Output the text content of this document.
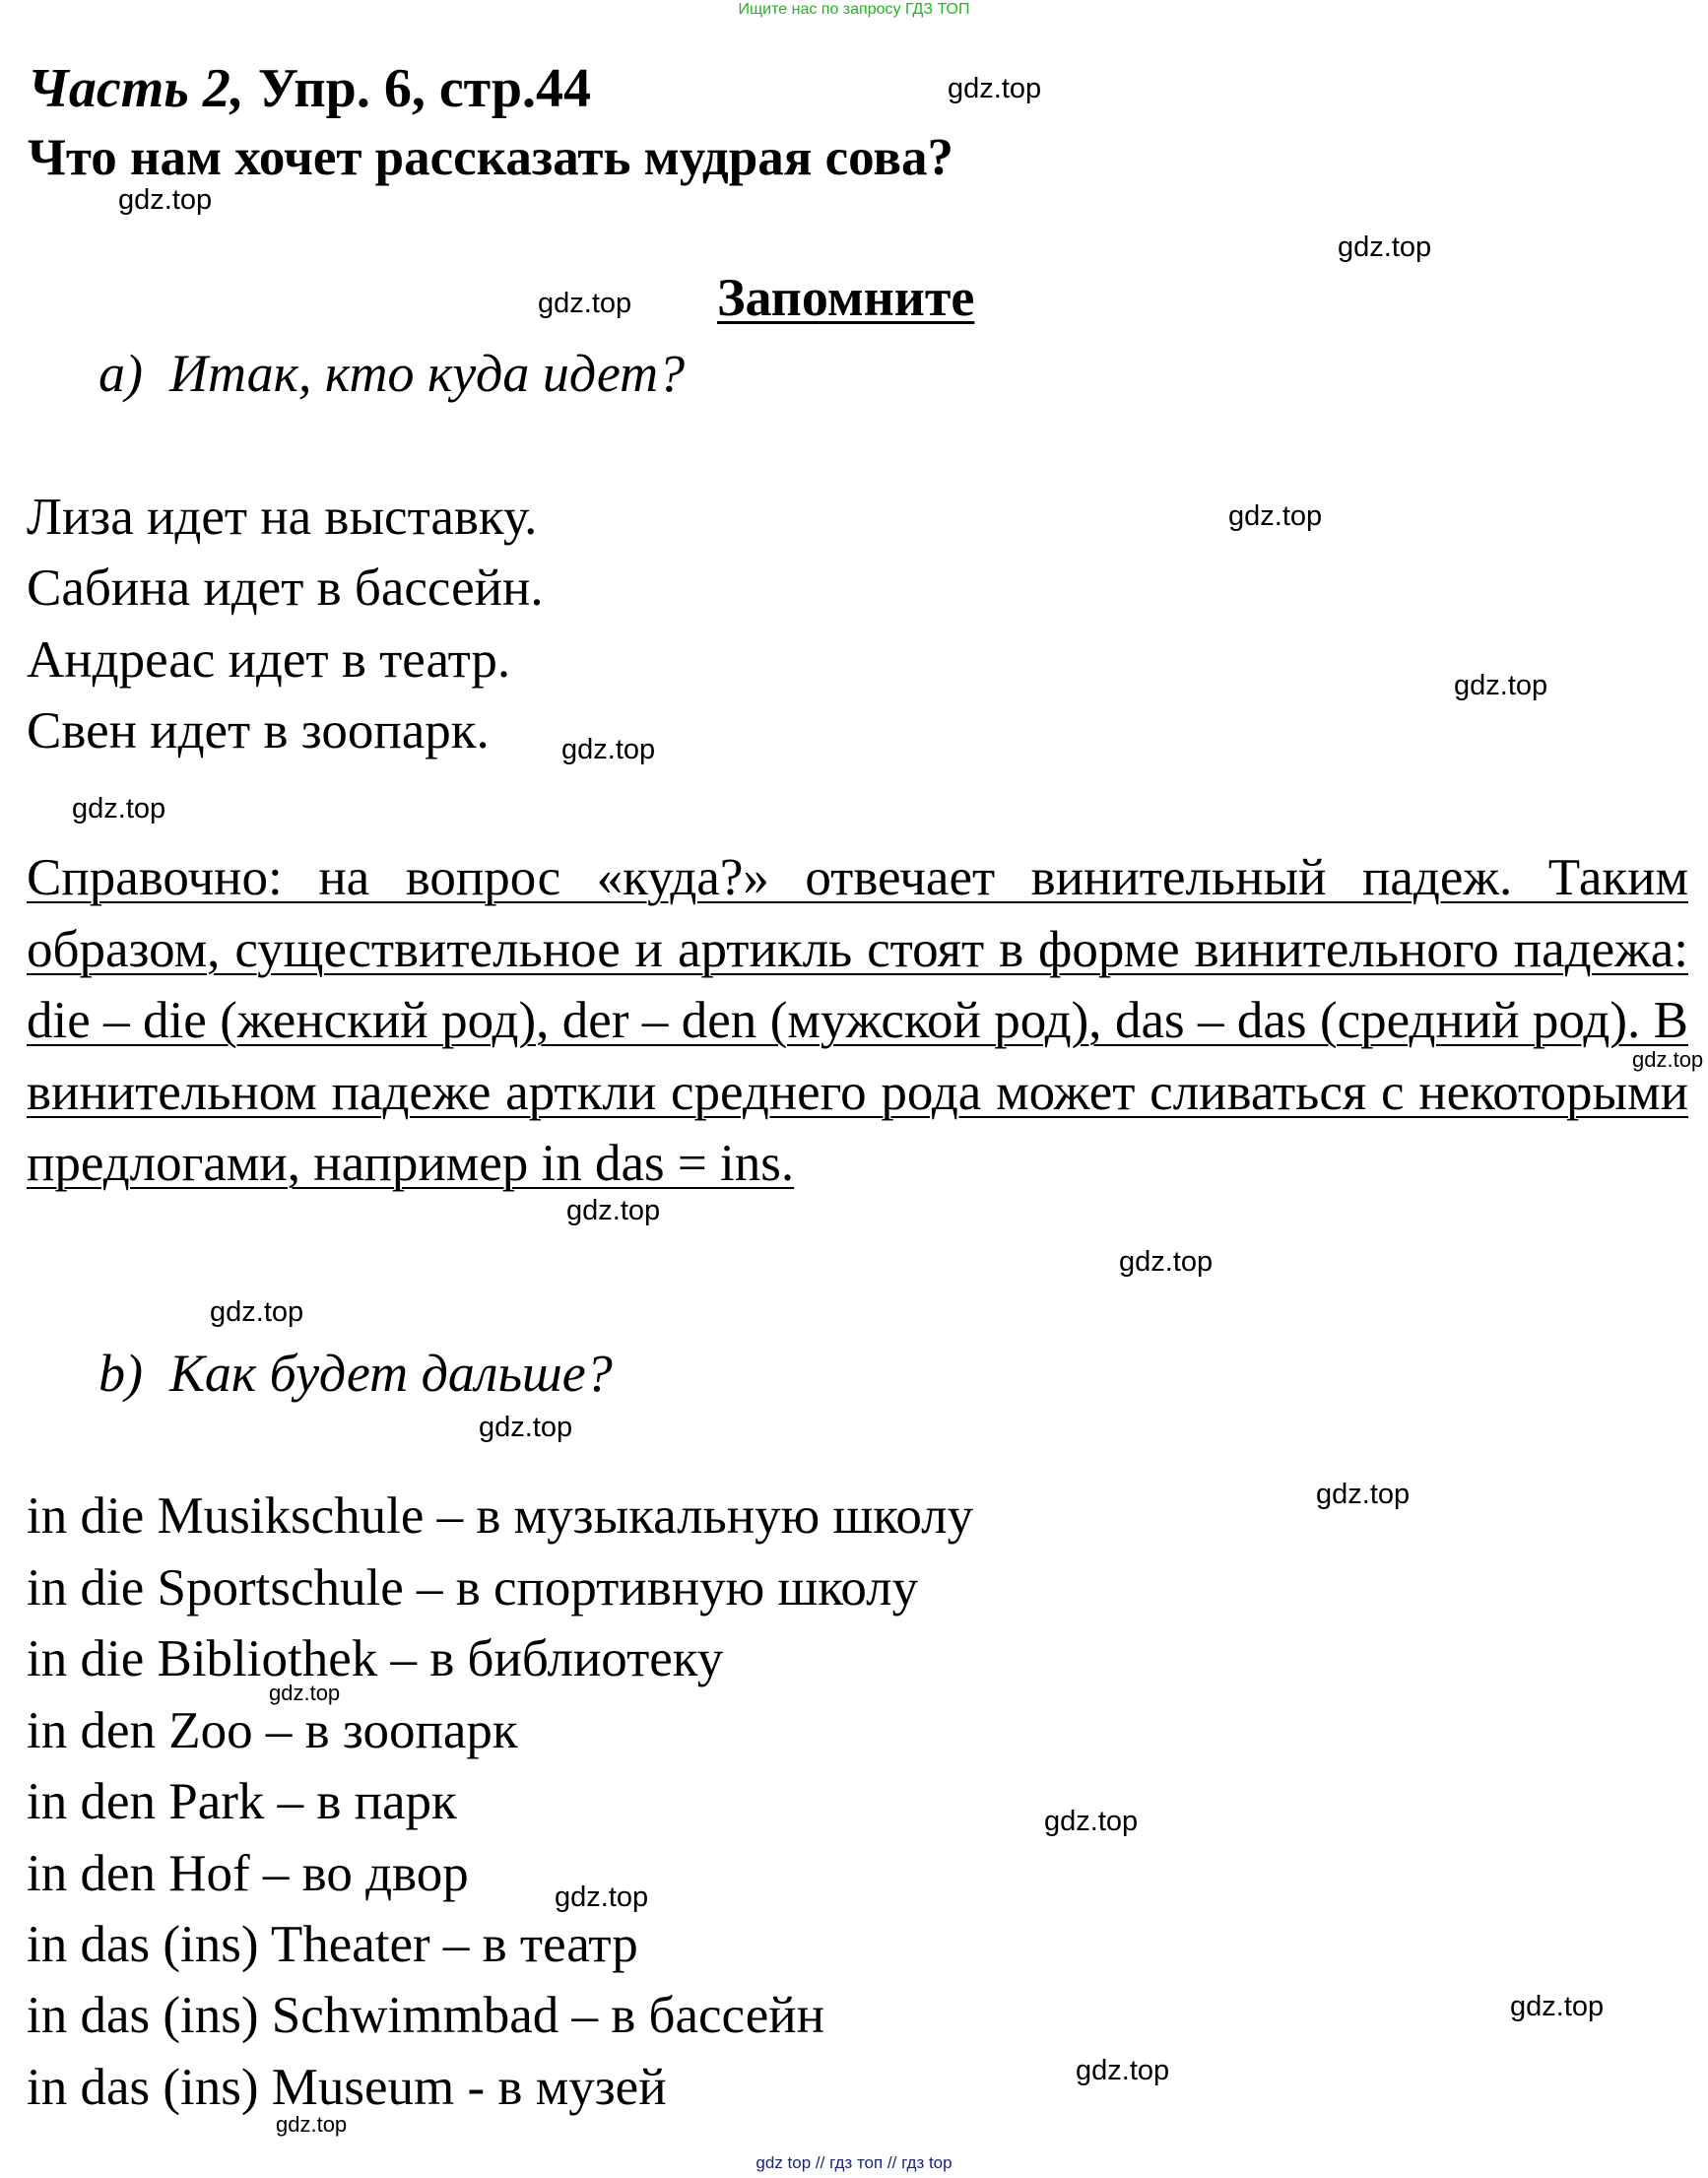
Ищите нас по запросу ГДЗ ТОП
Часть 2, Упр. 6, стр.44
Что нам хочет рассказать мудрая сова?
Запомните
a) Итак, кто куда идет?
Лиза идет на выставку.
Сабина идет в бассейн.
Андреас идет в театр.
Свен идет в зоопарк.
Справочно: на вопрос «куда?» отвечает винительный падеж. Таким образом, существительное и артикль стоят в форме винительного падежа: die – die (женский род), der – den (мужской род), das – das (средний род). В винительном падеже арткли среднего рода может сливаться с некоторыми предлогами, например in das = ins.
b) Как будет дальше?
in die Musikschule – в музыкальную школу
in die Sportschule – в спортивную школу
in die Bibliothek – в библиотеку
in den Zoo – в зоопарк
in den Park – в парк
in den Hof – во двор
in das (ins) Theater – в театр
in das (ins) Schwimmbad – в бассейн
in das (ins) Museum - в музей
gdz.top
gdz.top
gdz.top
gdz.top
gdz.top
gdz.top
gdz.top
gdz.top
gdz.top
gdz.top
gdz.top
gdz.top
gdz.top
gdz.top
gdz.top
gdz.top
gdz.top
gdz.top
gdz.top
gdz.top
gdz top // гдз топ // гдз top
